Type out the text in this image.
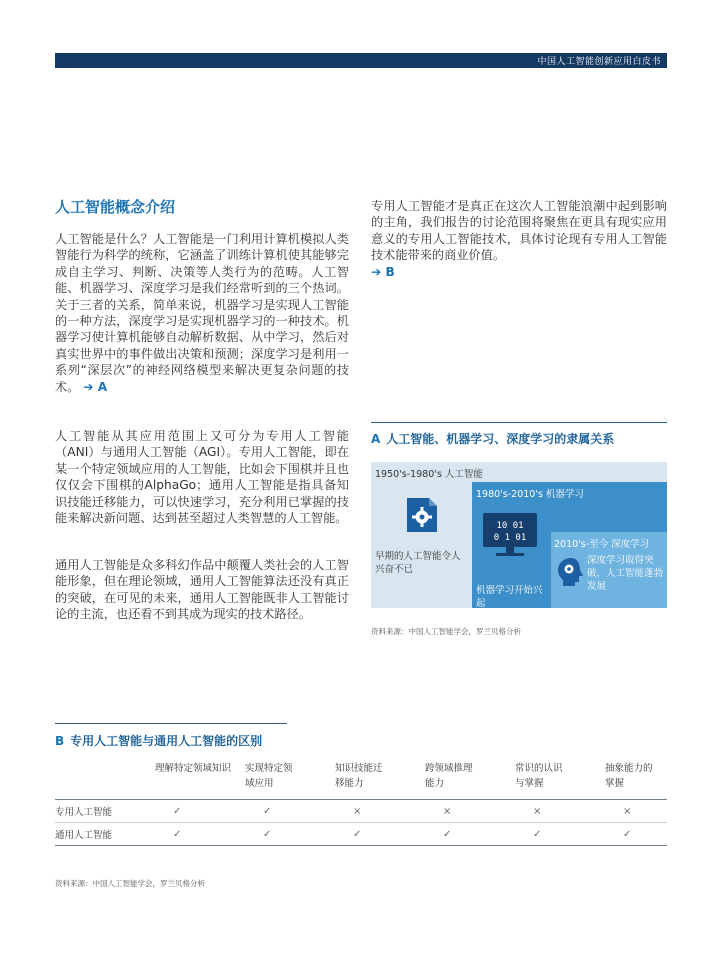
中国人工智能创新应用白皮书
人工智能概念介绍

人工智能是什么？人工智能是一门利用计算机模拟人类智能行为科学的统称，它涵盖了训练计算机使其能够完成自主学习、判断、决策等人类行为的范畴。人工智能、机器学习、深度学习是我们经常听到的三个热词。关于三者的关系，简单来说，机器学习是实现人工智能的一种方法，深度学习是实现机器学习的一种技术。机器学习使计算机能够自动解析数据、从中学习，然后对真实世界中的事件做出决策和预测；深度学习是利用一系列“深层次”的神经网络模型来解决更复杂问题的技术。 ➔ A

人工智能从其应用范围上又可分为专用人工智能（ANI）与通用人工智能（AGI）。专用人工智能，即在某一个特定领域应用的人工智能，比如会下围棋并且也仅仅会下围棋的AlphaGo；通用人工智能是指具备知识技能迁移能力，可以快速学习，充分利用已掌握的技能来解决新问题、达到甚至超过人类智慧的人工智能。

通用人工智能是众多科幻作品中颠覆人类社会的人工智能形象，但在理论领域，通用人工智能算法还没有真正的突破，在可见的未来，通用人工智能既非人工智能讨论的主流，也还看不到其成为现实的技术路径。

专用人工智能才是真正在这次人工智能浪潮中起到影响的主角，我们报告的讨论范围将聚焦在更具有现实应用意义的专用人工智能技术，具体讨论现有专用人工智能技术能带来的商业价值。
➔ B

A 人工智能、机器学习、深度学习的隶属关系
1950's-1980's 人工智能
早期的人工智能令人兴奋不已
1980's-2010's 机器学习
10 01
0 1 01
机器学习开始兴起
2010's-至今 深度学习
深度学习取得突破，人工智能蓬勃发展
资料来源：中国人工智能学会，罗兰贝格分析
B 专用人工智能与通用人工智能的区别
	理解特定领域知识	实现特定领域应用	知识技能迁移能力	跨领域推理能力	常识的认识与掌握	抽象能力的掌握

专用人工智能	✓	✓	×	×	×	×
通用人工智能	✓	✓	✓	✓	✓	✓
资料来源：中国人工智能学会，罗兰贝格分析
